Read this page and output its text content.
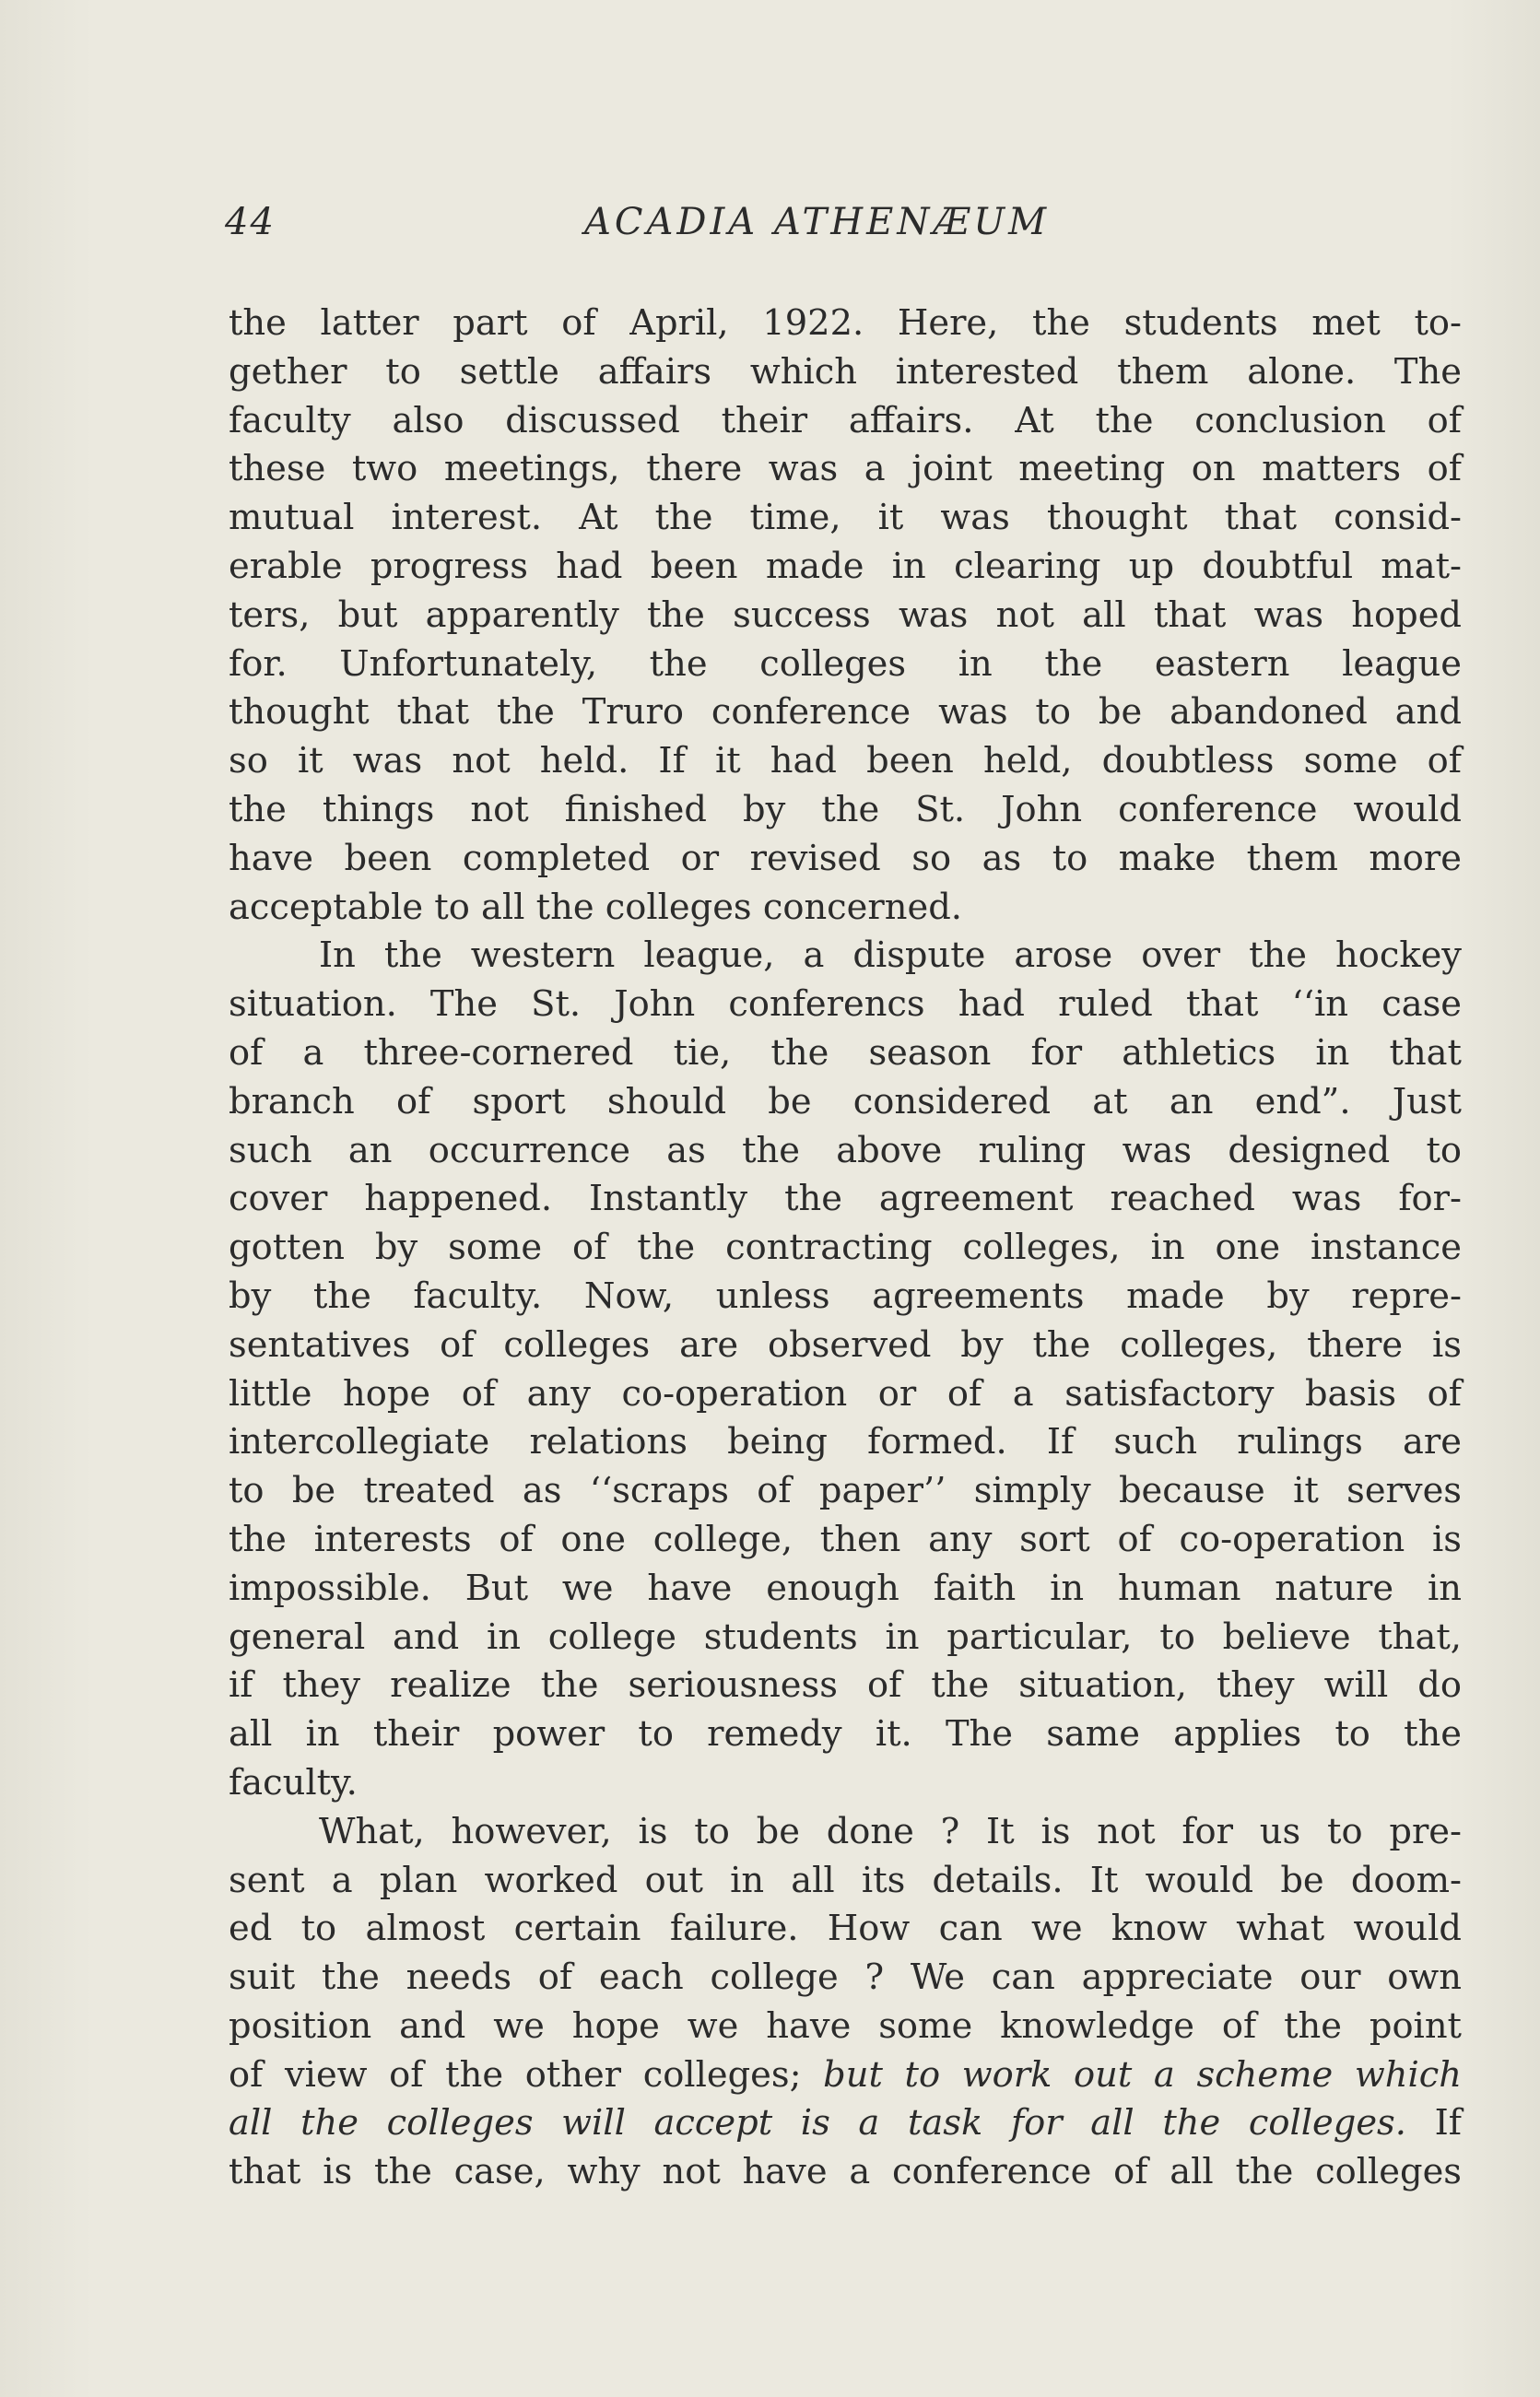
44	ACADIA ATHENÆUM
the latter part of April, 1922. Here, the students met to-
gether to settle affairs which interested them alone. The
faculty also discussed their affairs. At the conclusion of
these two meetings, there was a joint meeting on matters of
mutual interest. At the time, it was thought that consid-
erable progress had been made in clearing up doubtful mat-
ters, but apparently the success was not all that was hoped
for. Unfortunately, the colleges in the eastern league
thought that the Truro conference was to be abandoned and
so it was not held. If it had been held, doubtless some of
the things not finished by the St. John conference would
have been completed or revised so as to make them more
acceptable to all the colleges concerned.
In the western league, a dispute arose over the hockey
situation. The St. John conferencs had ruled that ‘‘in case
of a three-cornered tie, the season for athletics in that
branch of sport should be considered at an end”. Just
such an occurrence as the above ruling was designed to
cover happened. Instantly the agreement reached was for-
gotten by some of the contracting colleges, in one instance
by the faculty. Now, unless agreements made by repre-
sentatives of colleges are observed by the colleges, there is
little hope of any co-operation or of a satisfactory basis of
intercollegiate relations being formed. If such rulings are
to be treated as ‘‘scraps of paper’’ simply because it serves
the interests of one college, then any sort of co-operation is
impossible. But we have enough faith in human nature in
general and in college students in particular, to believe that,
if they realize the seriousness of the situation, they will do
all in their power to remedy it. The same applies to the
faculty.
What, however, is to be done ? It is not for us to pre-
sent a plan worked out in all its details. It would be doom-
ed to almost certain failure. How can we know what would
suit the needs of each college ? We can appreciate our own
position and we hope we have some knowledge of the point
of view of the other colleges; but to work out a scheme which
all the colleges will accept is a task for all the colleges. If
that is the case, why not have a conference of all the colleges
